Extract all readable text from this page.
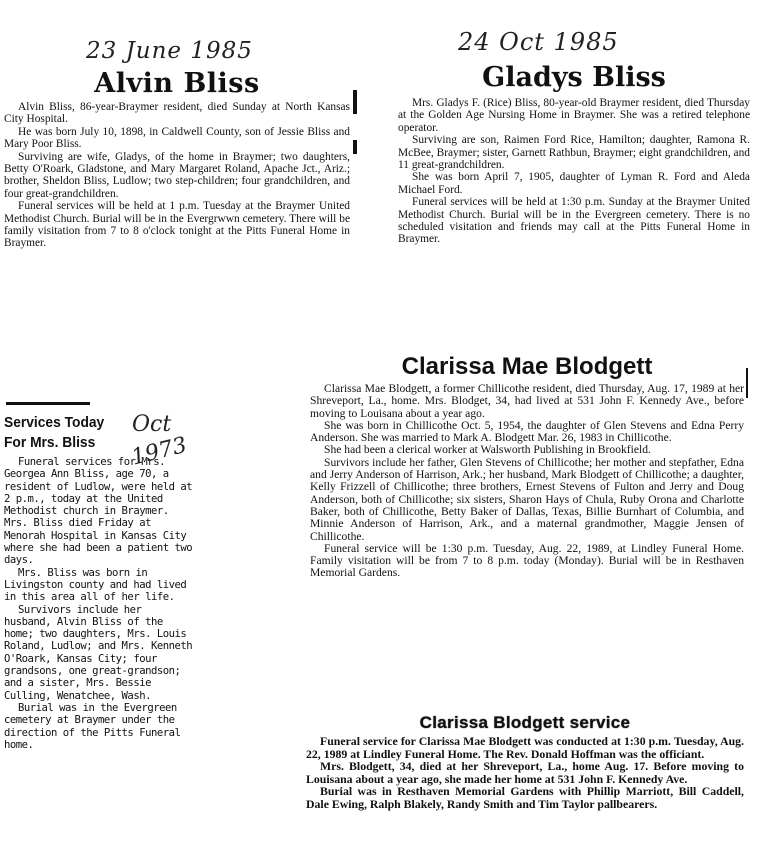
23 June 1985
Alvin Bliss

Alvin Bliss, 86-year-Braymer resident, died Sunday at North Kansas City Hospital.

He was born July 10, 1898, in Caldwell County, son of Jessie Bliss and Mary Poor Bliss.

Surviving are wife, Gladys, of the home in Braymer; two daughters, Betty O'Roark, Gladstone, and Mary Margaret Roland, Apache Jct., Ariz.; brother, Sheldon Bliss, Ludlow; two step-children; four grandchildren, and four great-grandchildren.

Funeral services will be held at 1 p.m. Tuesday at the Braymer United Methodist Church. Burial will be in the Evergrwwn cemetery. There will be family visitation from 7 to 8 o'clock tonight at the Pitts Funeral Home in Braymer.

24 Oct 1985
Gladys Bliss

Mrs. Gladys F. (Rice) Bliss, 80-year-old Braymer resident, died Thursday at the Golden Age Nursing Home in Braymer. She was a retired telephone operator.

Surviving are son, Raimen Ford Rice, Hamilton; daughter, Ramona R. McBee, Braymer; sister, Garnett Rathbun, Braymer; eight grandchildren, and 11 great-grandchildren.

She was born April 7, 1905, daughter of Lyman R. Ford and Aleda Michael Ford.

Funeral services will be held at 1:30 p.m. Sunday at the Braymer United Methodist Church. Burial will be in the Evergreen cemetery. There is no scheduled visitation and friends may call at the Pitts Funeral Home in Braymer.

Services Today
For Mrs. Bliss

Funeral services for Mrs. Georgea Ann Bliss, age 70, a resident of Ludlow, were held at 2 p.m., today at the United Methodist church in Braymer. Mrs. Bliss died Friday at Menorah Hospital in Kansas City where she had been a patient two days.

Mrs. Bliss was born in Livingston county and had lived in this area all of her life.

Survivors include her husband, Alvin Bliss of the home; two daughters, Mrs. Louis Roland, Ludlow; and Mrs. Kenneth O'Roark, Kansas City; four grandsons, one great-grandson; and a sister, Mrs. Bessie Culling, Wenatchee, Wash.

Burial was in the Evergreen cemetery at Braymer under the direction of the Pitts Funeral home.

Oct
1973
Clarissa Mae Blodgett

Clarissa Mae Blodgett, a former Chillicothe resident, died Thursday, Aug. 17, 1989 at her Shreveport, La., home. Mrs. Blodget, 34, had lived at 531 John F. Kennedy Ave., before moving to Louisana about a year ago.

She was born in Chillicothe Oct. 5, 1954, the daughter of Glen Stevens and Edna Perry Anderson. She was married to Mark A. Blodgett Mar. 26, 1983 in Chillicothe.

She had been a clerical worker at Walsworth Publishing in Brookfield.

Survivors include her father, Glen Stevens of Chillicothe; her mother and stepfather, Edna and Jerry Anderson of Harrison, Ark.; her husband, Mark Blodgett of Chillicothe; a daughter, Kelly Frizzell of Chillicothe; three brothers, Ernest Stevens of Fulton and Jerry and Doug Anderson, both of Chillicothe; six sisters, Sharon Hays of Chula, Ruby Orona and Charlotte Baker, both of Chillicothe, Betty Baker of Dallas, Texas, Billie Burnhart of Columbia, and Minnie Anderson of Harrison, Ark., and a maternal grandmother, Maggie Jensen of Chillicothe.

Funeral service will be 1:30 p.m. Tuesday, Aug. 22, 1989, at Lindley Funeral Home. Family visitation will be from 7 to 8 p.m. today (Monday). Burial will be in Resthaven Memorial Gardens.

Clarissa Blodgett service

Funeral service for Clarissa Mae Blodgett was conducted at 1:30 p.m. Tuesday, Aug. 22, 1989 at Lindley Funeral Home. The Rev. Donald Hoffman was the officiant.

Mrs. Blodgett, 34, died at her Shreveport, La., home Aug. 17. Before moving to Louisana about a year ago, she made her home at 531 John F. Kennedy Ave.

Burial was in Resthaven Memorial Gardens with Phillip Marriott, Bill Caddell, Dale Ewing, Ralph Blakely, Randy Smith and Tim Taylor pallbearers.
